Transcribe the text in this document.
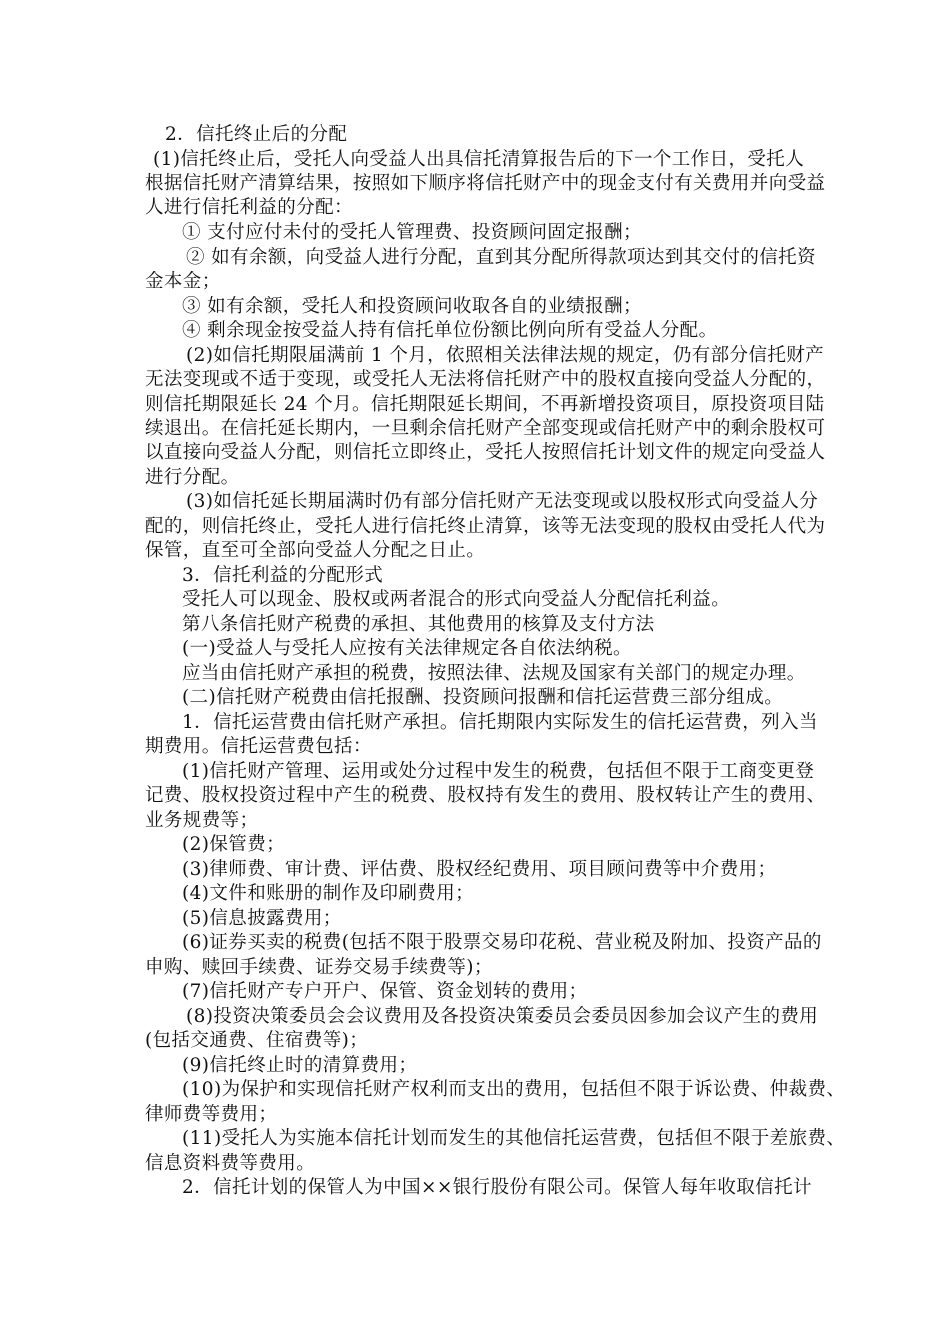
2．信托终止后的分配
(1)信托终止后，受托人向受益人出具信托清算报告后的下一个工作日，受托人
根据信托财产清算结果，按照如下顺序将信托财产中的现金支付有关费用并向受益
人进行信托利益的分配：
① 支付应付未付的受托人管理费、投资顾问固定报酬；
② 如有余额，向受益人进行分配，直到其分配所得款项达到其交付的信托资
金本金；
③ 如有余额，受托人和投资顾问收取各自的业绩报酬；
④ 剩余现金按受益人持有信托单位份额比例向所有受益人分配。
(2)如信托期限届满前 1 个月，依照相关法律法规的规定，仍有部分信托财产
无法变现或不适于变现，或受托人无法将信托财产中的股权直接向受益人分配的，
则信托期限延长 24 个月。信托期限延长期间，不再新增投资项目，原投资项目陆
续退出。在信托延长期内，一旦剩余信托财产全部变现或信托财产中的剩余股权可
以直接向受益人分配，则信托立即终止，受托人按照信托计划文件的规定向受益人
进行分配。
(3)如信托延长期届满时仍有部分信托财产无法变现或以股权形式向受益人分
配的，则信托终止，受托人进行信托终止清算，该等无法变现的股权由受托人代为
保管，直至可全部向受益人分配之日止。
3．信托利益的分配形式
受托人可以现金、股权或两者混合的形式向受益人分配信托利益。
第八条信托财产税费的承担、其他费用的核算及支付方法
(一)受益人与受托人应按有关法律规定各自依法纳税。
应当由信托财产承担的税费，按照法律、法规及国家有关部门的规定办理。
(二)信托财产税费由信托报酬、投资顾问报酬和信托运营费三部分组成。
1．信托运营费由信托财产承担。信托期限内实际发生的信托运营费，列入当
期费用。信托运营费包括：
(1)信托财产管理、运用或处分过程中发生的税费，包括但不限于工商变更登
记费、股权投资过程中产生的税费、股权持有发生的费用、股权转让产生的费用、
业务规费等；
(2)保管费；
(3)律师费、审计费、评估费、股权经纪费用、项目顾问费等中介费用；
(4)文件和账册的制作及印刷费用；
(5)信息披露费用；
(6)证券买卖的税费(包括不限于股票交易印花税、营业税及附加、投资产品的
申购、赎回手续费、证券交易手续费等)；
(7)信托财产专户开户、保管、资金划转的费用；
(8)投资决策委员会会议费用及各投资决策委员会委员因参加会议产生的费用
(包括交通费、住宿费等)；
(9)信托终止时的清算费用；
(10)为保护和实现信托财产权利而支出的费用，包括但不限于诉讼费、仲裁费、
律师费等费用；
(11)受托人为实施本信托计划而发生的其他信托运营费，包括但不限于差旅费、
信息资料费等费用。
2．信托计划的保管人为中国××银行股份有限公司。保管人每年收取信托计
